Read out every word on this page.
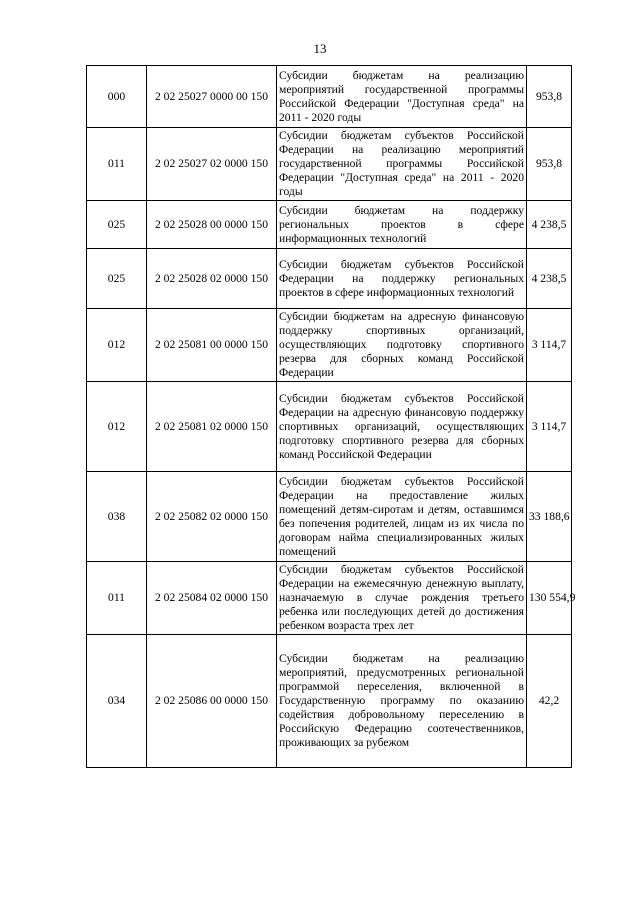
13
000	2 02 25027 0000 00 150	Субсидии бюджетам на реализацию мероприятий государственной программы Российской Федерации "Доступная среда" на 2011 - 2020 годы	953,8
011	2 02 25027 02 0000 150	Субсидии бюджетам субъектов Российской Федерации на реализацию мероприятий государственной программы Российской Федерации "Доступная среда" на 2011 - 2020 годы	953,8
025	2 02 25028 00 0000 150	Субсидии бюджетам на поддержку региональных проектов в сфере информационных технологий	4 238,5
025	2 02 25028 02 0000 150	Субсидии бюджетам субъектов Российской Федерации на поддержку региональных проектов в сфере информационных технологий	4 238,5
012	2 02 25081 00 0000 150	Субсидии бюджетам на адресную финансовую поддержку спортивных организаций, осуществляющих подготовку спортивного резерва для сборных команд Российской Федерации	3 114,7
012	2 02 25081 02 0000 150	Субсидии бюджетам субъектов Российской Федерации на адресную финансовую поддержку спортивных организаций, осуществляющих подготовку спортивного резерва для сборных команд Российской Федерации	3 114,7
038	2 02 25082 02 0000 150	Субсидии бюджетам субъектов Российской Федерации на предоставление жилых помещений детям-сиротам и детям, оставшимся без попечения родителей, лицам из их числа по договорам найма специализированных жилых помещений	33 188,6
011	2 02 25084 02 0000 150	Субсидии бюджетам субъектов Российской Федерации на ежемесячную денежную выплату, назначаемую в случае рождения третьего ребенка или последующих детей до достижения ребенком возраста трех лет	130 554,9
034	2 02 25086 00 0000 150	Субсидии бюджетам на реализацию мероприятий, предусмотренных региональной программой переселения, включенной в Государственную программу по оказанию содействия добровольному переселению в Российскую Федерацию соотечественников, проживающих за рубежом	42,2
